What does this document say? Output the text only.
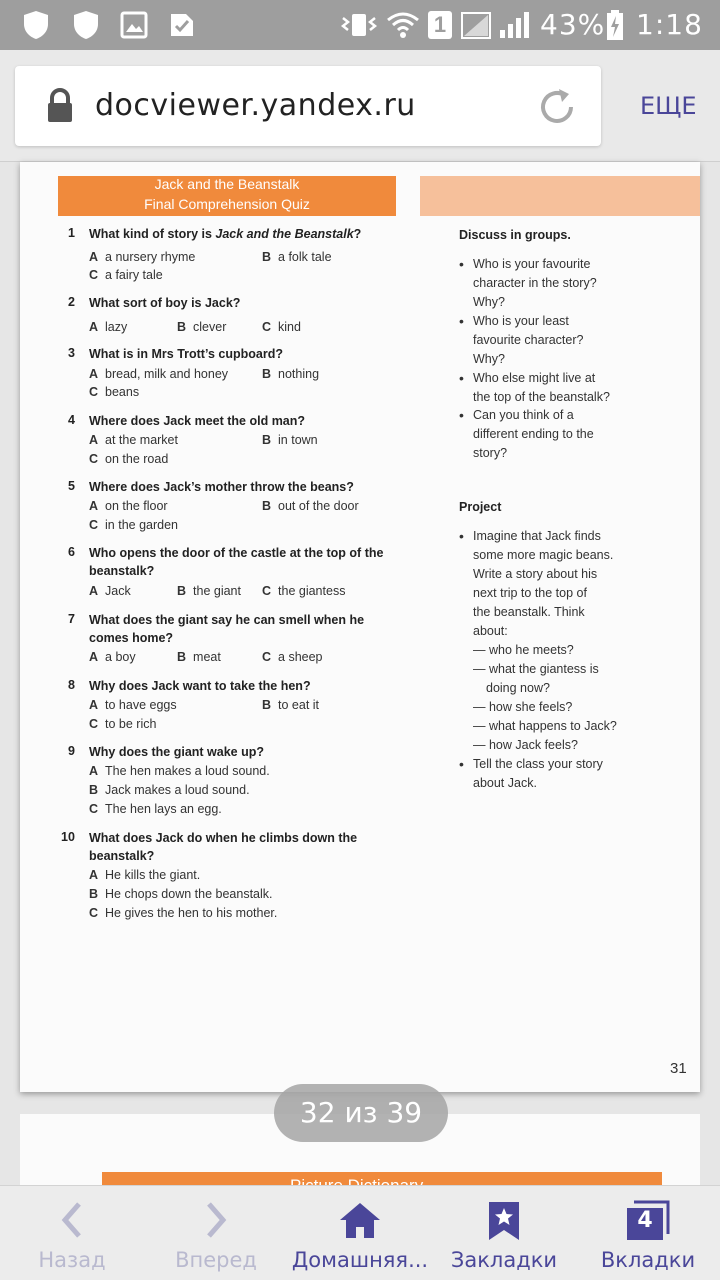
1	43% 1:18
docviewer.yandex.ru	ЕЩЕ
Jack and the Beanstalk
Final Comprehension Quiz
1 What kind of story is Jack and the Beanstalk?
A a nursery rhyme	B a folk tale
C a fairy tale
2 What sort of boy is Jack?
A lazy	B clever	C kind
3 What is in Mrs Trott’s cupboard?
A bread, milk and honey	B nothing
C beans
4 Where does Jack meet the old man?
A at the market	B in town
C on the road
5 Where does Jack’s mother throw the beans?
A on the floor	B out of the door
C in the garden
6 Who opens the door of the castle at the top of the
beanstalk?
A Jack	B the giant C the giantess
7 What does the giant say he can smell when he
comes home?
A a boy	B meat	C a sheep
8 Why does Jack want to take the hen?
A to have eggs	B to eat it
C to be rich
9 Why does the giant wake up?
A The hen makes a loud sound.
B Jack makes a loud sound.
C The hen lays an egg.
10 What does Jack do when he climbs down the
beanstalk?
A He kills the giant.
B He chops down the beanstalk.
C He gives the hen to his mother.
Discuss in groups.
• Who is your favourite
character in the story?
Why?
• Who is your least
favourite character?
Why?
• Who else might live at
the top of the beanstalk?
• Can you think of a
different ending to the
story?
Project
• Imagine that Jack finds
some more magic beans.
Write a story about his
next trip to the top of
the beanstalk. Think
about:
— who he meets?
— what the giantess is
doing now?
— how she feels?
— what happens to Jack?
— how Jack feels?
• Tell the class your story
about Jack.
31
32 из 39
Назад	Вперед	Домашняя...	Закладки
4
Вкладки
